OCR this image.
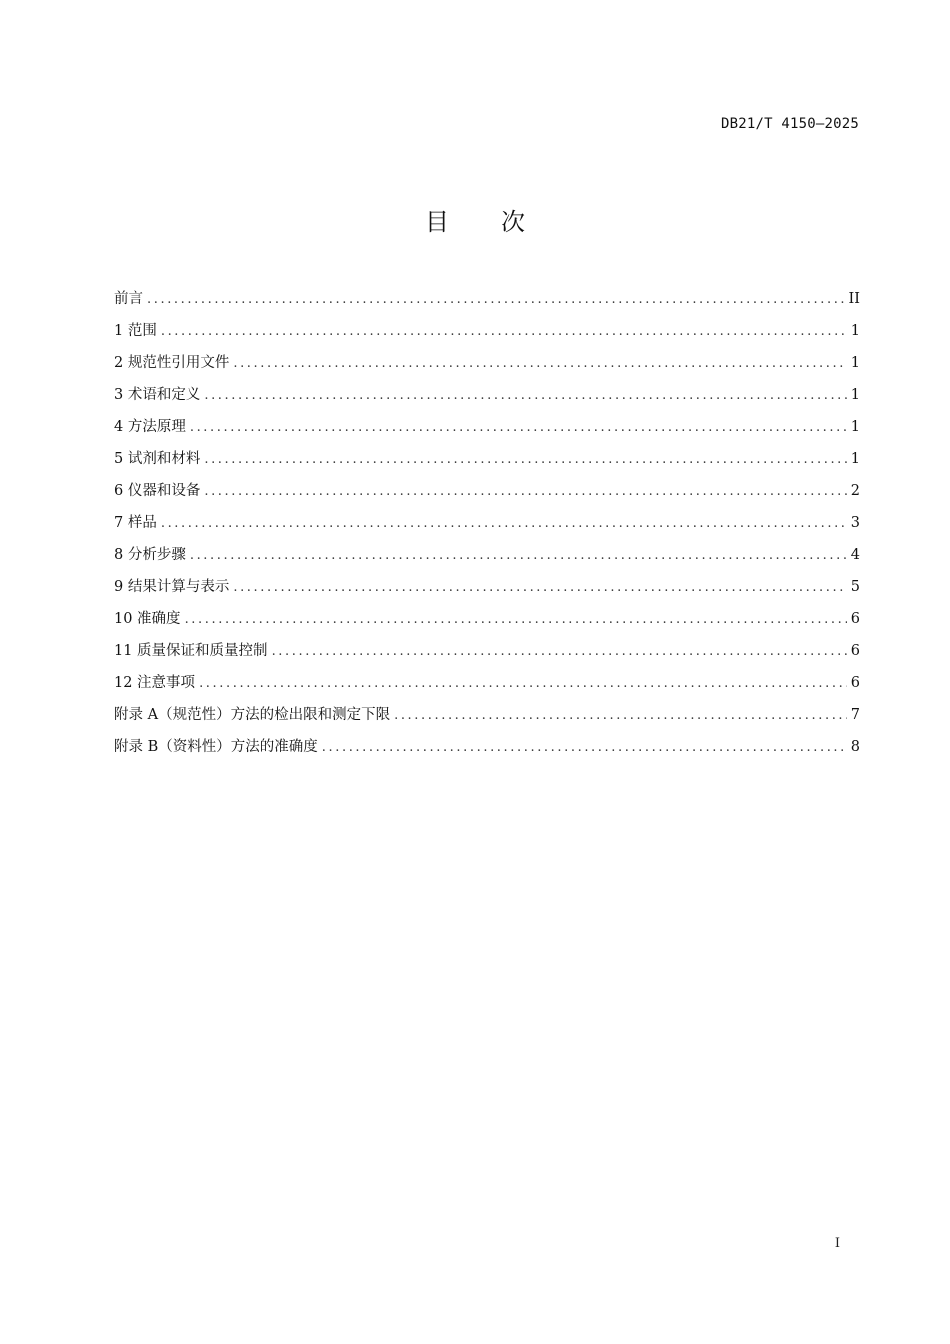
DB21/T 4150—2025
目 次
前言 .....	II
1 范围 .....	1
2 规范性引用文件 .....	1
3 术语和定义 .....	1
4 方法原理 .....	1
5 试剂和材料 .....	1
6 仪器和设备 .....	2
7 样品 .....	3
8 分析步骤 .....	4
9 结果计算与表示 .....	5
10 准确度 .....	6
11 质量保证和质量控制 .....	6
12 注意事项 .....	6
附录 A（规范性）方法的检出限和测定下限 .....	7
附录 B（资料性）方法的准确度 .....	8
I
